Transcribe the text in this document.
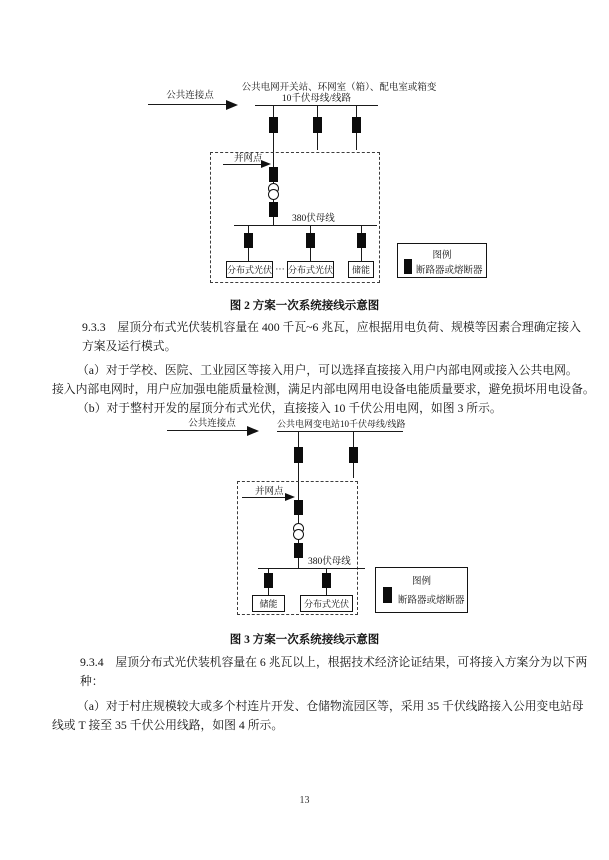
公共连接点
公共电网开关站、环网室（箱）、配电室或箱变
10千伏母线/线路
并网点
380伏母线
分布式光伏 ··· 分布式光伏	储能
图例
断路器或熔断器
图 2 方案一次系统接线示意图
9.3.3　屋顶分布式光伏装机容量在 400 千瓦~6 兆瓦，应根据用电负荷、规模等因素合理确定接入
方案及运行模式。
（a）对于学校、医院、工业园区等接入用户，可以选择直接接入用户内部电网或接入公共电网。
接入内部电网时，用户应加强电能质量检测，满足内部电网用电设备电能质量要求，避免损坏用电设备。
（b）对于整村开发的屋顶分布式光伏，直接接入 10 千伏公用电网，如图 3 所示。
公共连接点	公共电网变电站10千伏母线/线路
并网点
380伏母线
储能	分布式光伏
图例
断路器或熔断器
图 3 方案一次系统接线示意图
9.3.4　屋顶分布式光伏装机容量在 6 兆瓦以上，根据技术经济论证结果，可将接入方案分为以下两
种：
（a）对于村庄规模较大或多个村连片开发、仓储物流园区等，采用 35 千伏线路接入公用变电站母
线或 T 接至 35 千伏公用线路，如图 4 所示。
13
